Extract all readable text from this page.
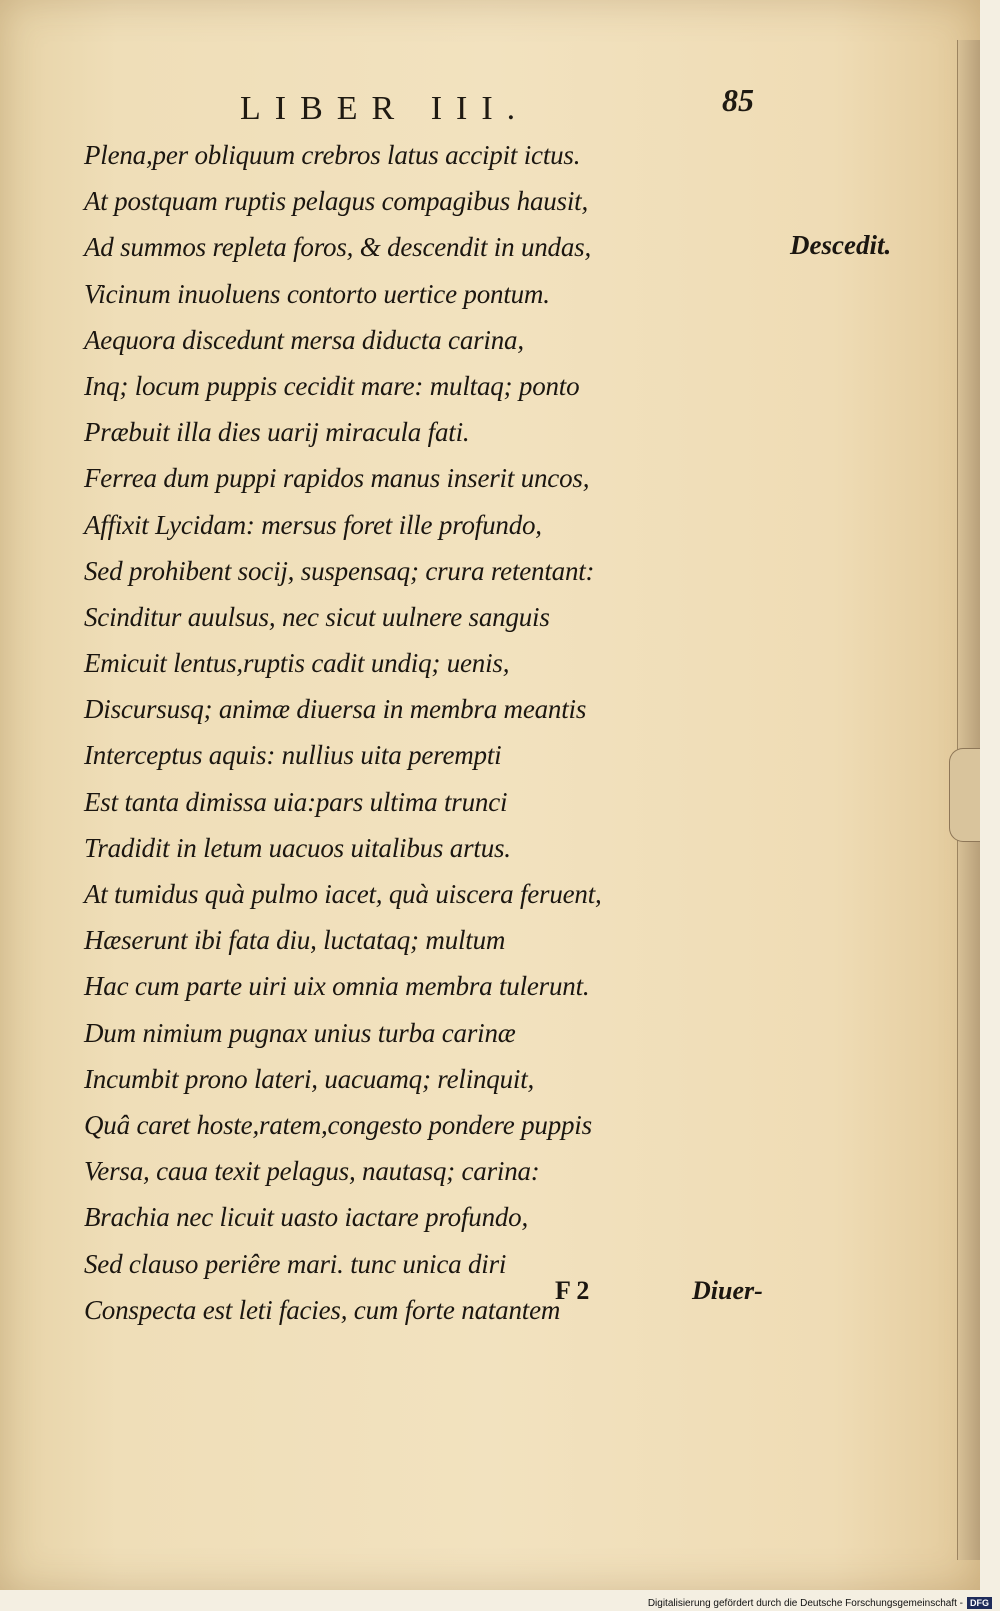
LIBER III.	85
Plena,per obliquum crebros latus accipit ictus.
At postquam ruptis pelagus compagibus hausit,
Ad summos repleta foros, & descendit in undas,
Vicinum inuoluens contorto uertice pontum.
Aequora discedunt mersa diducta carina,
Inq; locum puppis cecidit mare: multaq; ponto
Præbuit illa dies uarij miracula fati.
Ferrea dum puppi rapidos manus inserit uncos,
Affixit Lycidam: mersus foret ille profundo,
Sed prohibent socij, suspensaq; crura retentant:
Scinditur auulsus, nec sicut uulnere sanguis
Emicuit lentus,ruptis cadit undiq; uenis,
Discursusq; animæ diuersa in membra meantis
Interceptus aquis: nullius uita perempti
Est tanta dimissa uia:pars ultima trunci
Tradidit in letum uacuos uitalibus artus.
At tumidus quà pulmo iacet, quà uiscera feruent,
Hæserunt ibi fata diu, luctataq; multum
Hac cum parte uiri uix omnia membra tulerunt.
Dum nimium pugnax unius turba carinæ
Incumbit prono lateri, uacuamq; relinquit,
Quâ caret hoste,ratem,congesto pondere puppis
Versa, caua texit pelagus, nautasq; carina:
Brachia nec licuit uasto iactare profundo,
Sed clauso periêre mari. tunc unica diri
Conspecta est leti facies, cum forte natantem
Descedit.
F 2	Diuer-
Digitalisierung gefördert durch die Deutsche Forschungsgemeinschaft - DFG
